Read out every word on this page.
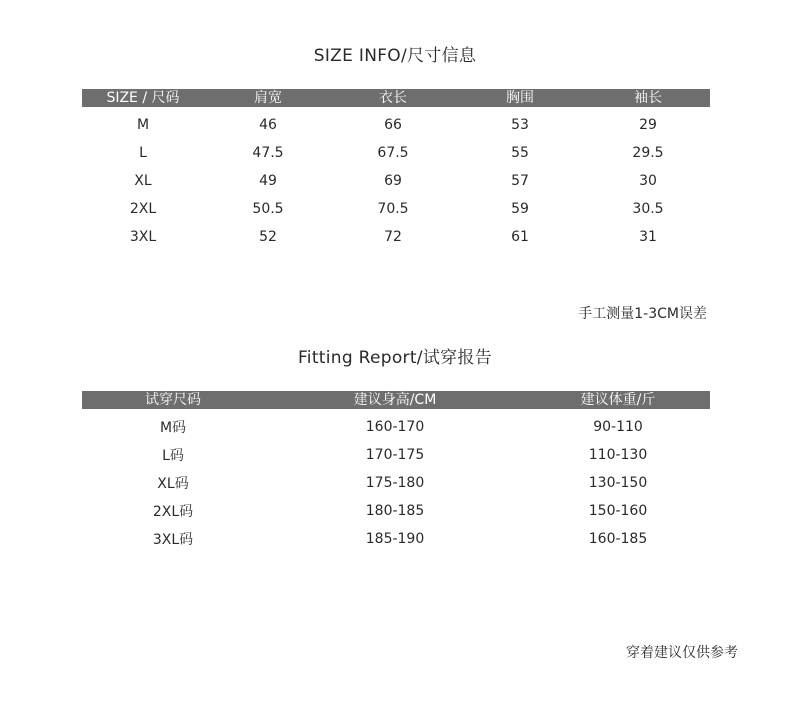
SIZE INFO/尺寸信息
SIZE / 尺码	肩宽	衣长	胸围	袖长
M	46	66	53	29
L	47.5	67.5	55	29.5
XL	49	69	57	30
2XL	50.5	70.5	59	30.5
3XL	52	72	61	31
手工测量1-3CM误差
Fitting Report/试穿报告
试穿尺码	建议身高/CM	建议体重/斤
M码	160-170	90-110
L码	170-175	110-130
XL码	175-180	130-150
2XL码	180-185	150-160
3XL码	185-190	160-185
穿着建议仅供参考
